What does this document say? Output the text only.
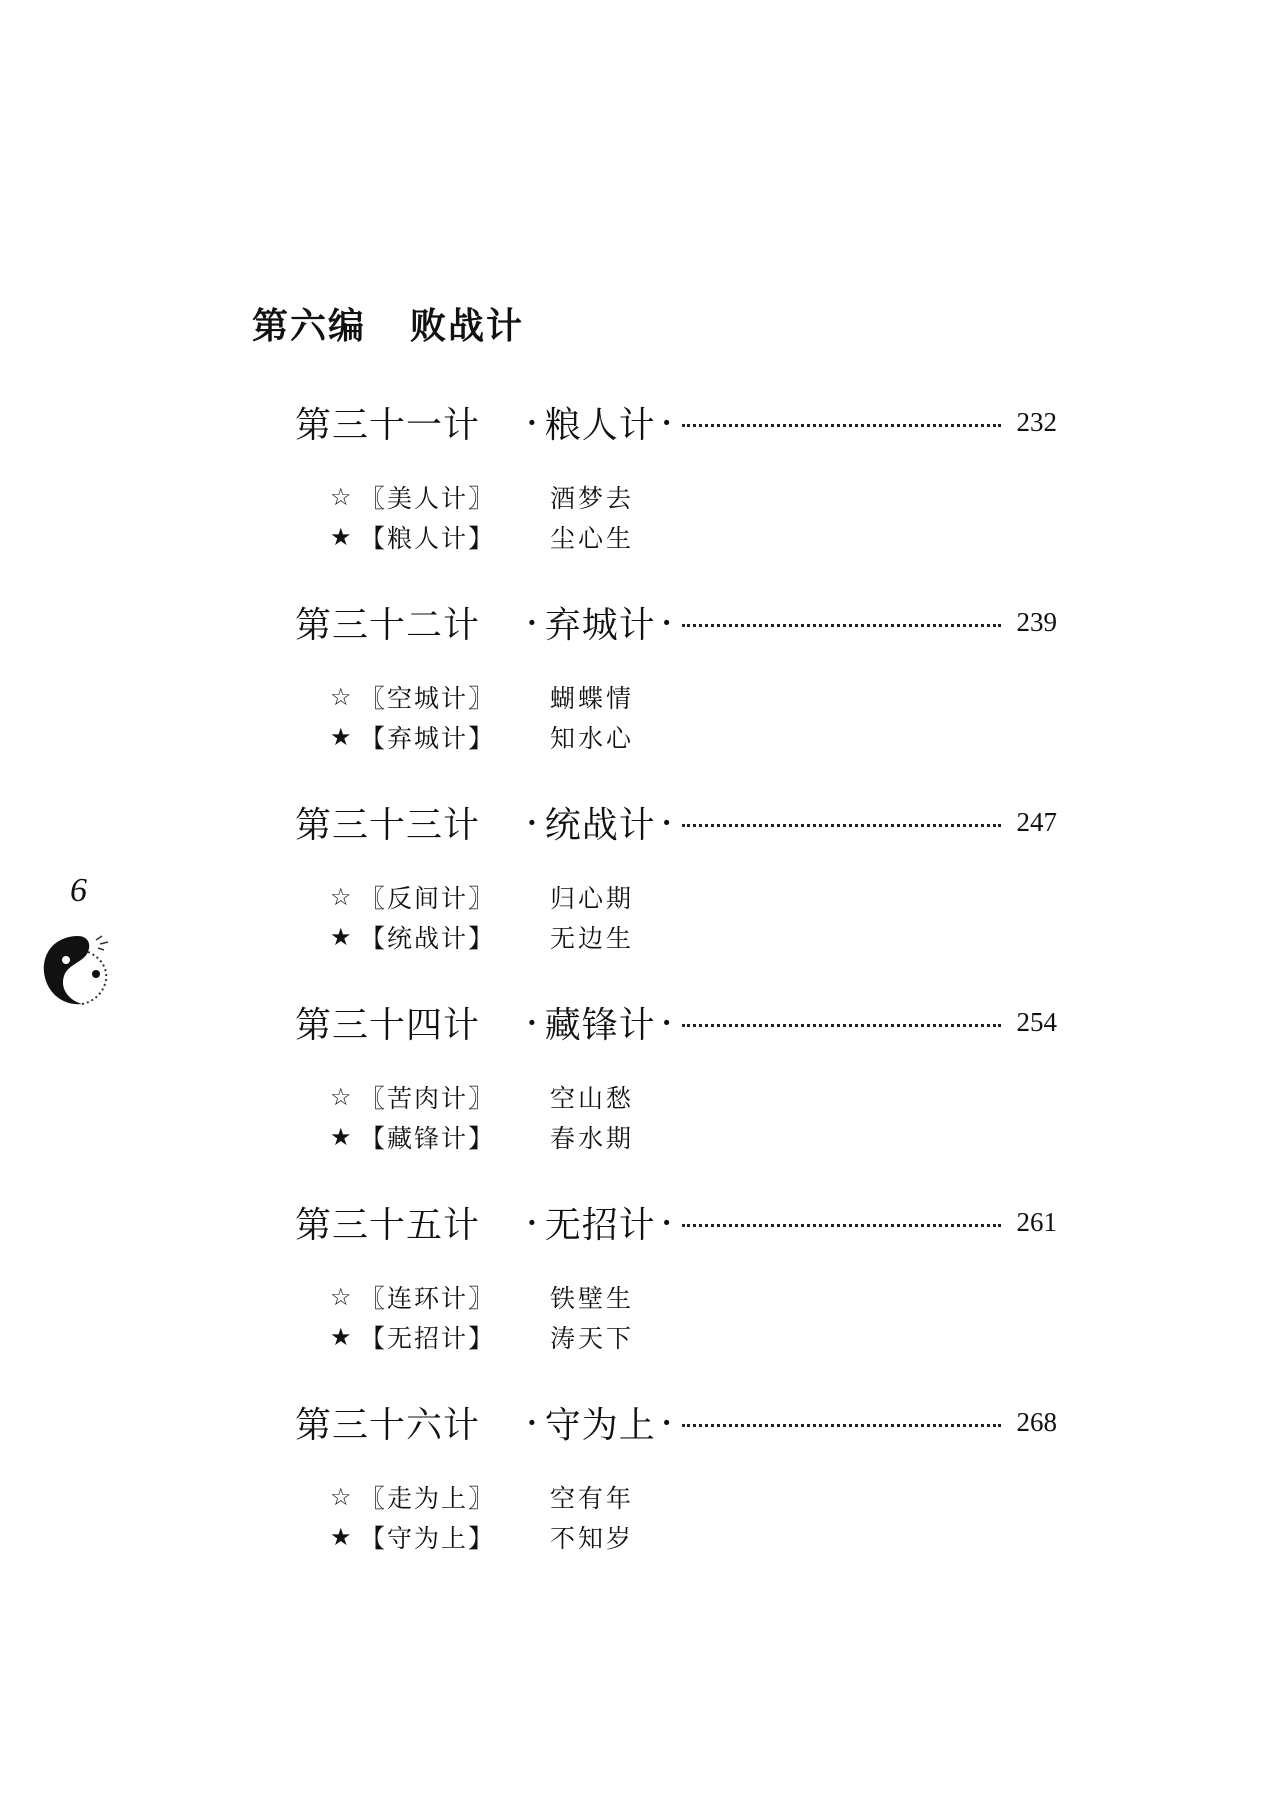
第六编 败战计
第三十一计	· 粮人计 ·	232
☆ 〖美人计〗	酒梦去
★ 【粮人计】	尘心生
第三十二计	· 弃城计 ·	239
☆ 〖空城计〗	蝴蝶情
★ 【弃城计】	知水心
第三十三计	· 统战计 ·	247
☆ 〖反间计〗	归心期
★ 【统战计】	无边生
第三十四计	· 藏锋计 ·	254
☆ 〖苦肉计〗	空山愁
★ 【藏锋计】	春水期
第三十五计	· 无招计 ·	261
☆ 〖连环计〗	铁壁生
★ 【无招计】	涛天下
第三十六计	· 守为上 ·	268
☆ 〖走为上〗	空有年
★ 【守为上】	不知岁
6
